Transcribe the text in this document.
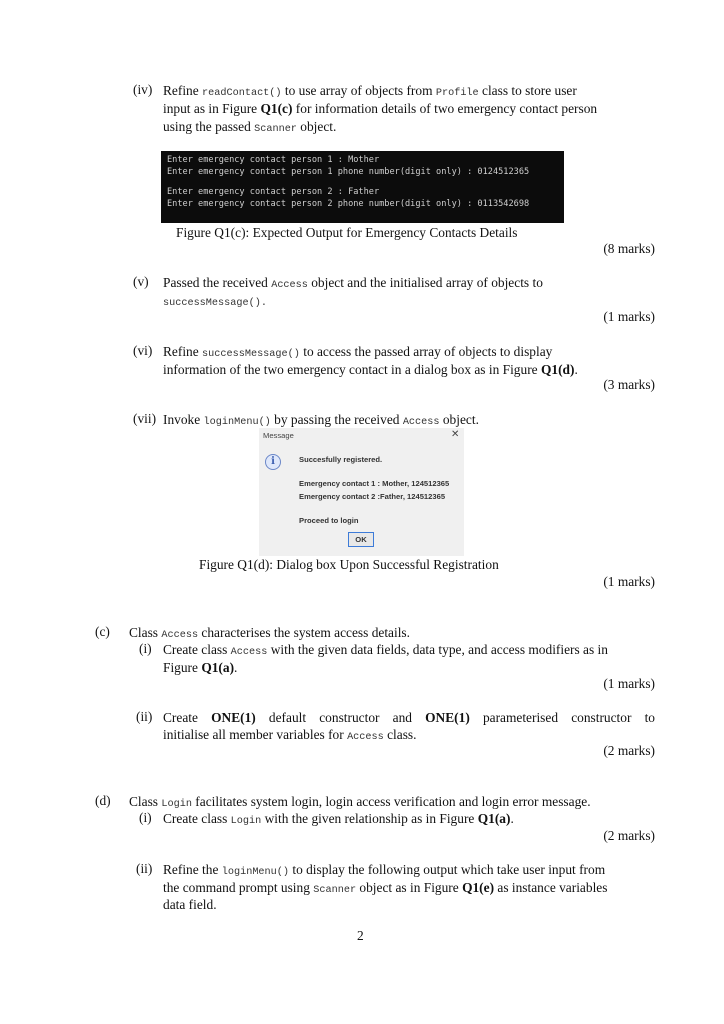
(iv) Refine readContact() to use array of objects from Profile class to store user
input as in Figure Q1(c) for information details of two emergency contact person
using the passed Scanner object.
Enter emergency contact person 1 : Mother
Enter emergency contact person 1 phone number(digit only) : 0124512365
Enter emergency contact person 2 : Father
Enter emergency contact person 2 phone number(digit only) : 0113542698
Figure Q1(c): Expected Output for Emergency Contacts Details
(8 marks)
(v) Passed the received Access object and the initialised array of objects to
successMessage().
(1 marks)
(vi) Refine successMessage() to access the passed array of objects to display
information of the two emergency contact in a dialog box as in Figure Q1(d).
(3 marks)
(vii) Invoke loginMenu() by passing the received Access object.
Message	✕
i	Succesfully registered.
Emergency contact 1 : Mother, 124512365
Emergency contact 2 :Father, 124512365
Proceed to login
OK
Figure Q1(d): Dialog box Upon Successful Registration
(1 marks)
(c) Class Access characterises the system access details.
(i) Create class Access with the given data fields, data type, and access modifiers as in
Figure Q1(a).
(1 marks)
(ii) Create ONE(1) default constructor and ONE(1) parameterised constructor to
initialise all member variables for Access class.
(2 marks)
(d) Class Login facilitates system login, login access verification and login error message.
(i) Create class Login with the given relationship as in Figure Q1(a).
(2 marks)
(ii) Refine the loginMenu() to display the following output which take user input from
the command prompt using Scanner object as in Figure Q1(e) as instance variables
data field.
2
